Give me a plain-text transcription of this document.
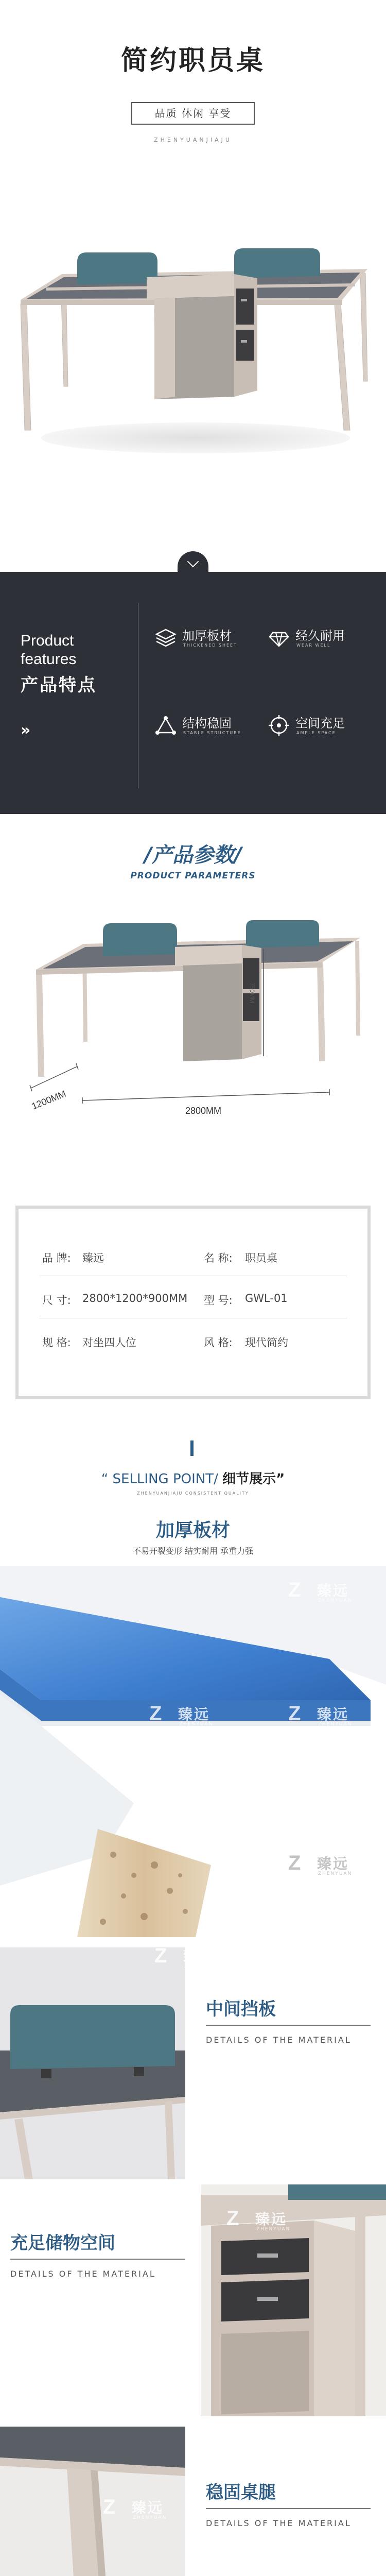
简约职员桌
品质 休闲 享受
ZHENYUANJIAJU
Product
features
产品特点
»
加厚板材
THICKENED SHEET
经久耐用
WEAR WELL
结构稳固
STABLE STRUCTURE
空间充足
AMPLE SPACE
/产品参数/
PRODUCT PARAMETERS
1200MM	2800MM
750MM
品 牌: 臻远	名 称: 职员桌
尺 寸: 2800*1200*900MM 型 号: GWL-01
规 格: 对坐四人位	风 格: 现代简约
“ SELLING POINT/ 细节展示”
ZHENYUANJIAJU CONSISTENT QUALITY
加厚板材
不易开裂变形 结实耐用 承重力强
Z 臻远
ZHENYUAN
Z 臻远
ZHENYUAN	Z 臻远
ZHENYUAN
Z 臻远
ZHENYUAN
Z 臻远
ZHENYUAN
中间挡板
DETAILS OF THE MATERIAL
Z 臻远
ZHENYUAN
充足储物空间
DETAILS OF THE MATERIAL
Z 臻远
ZHENYUAN
稳固桌腿
DETAILS OF THE MATERIAL
